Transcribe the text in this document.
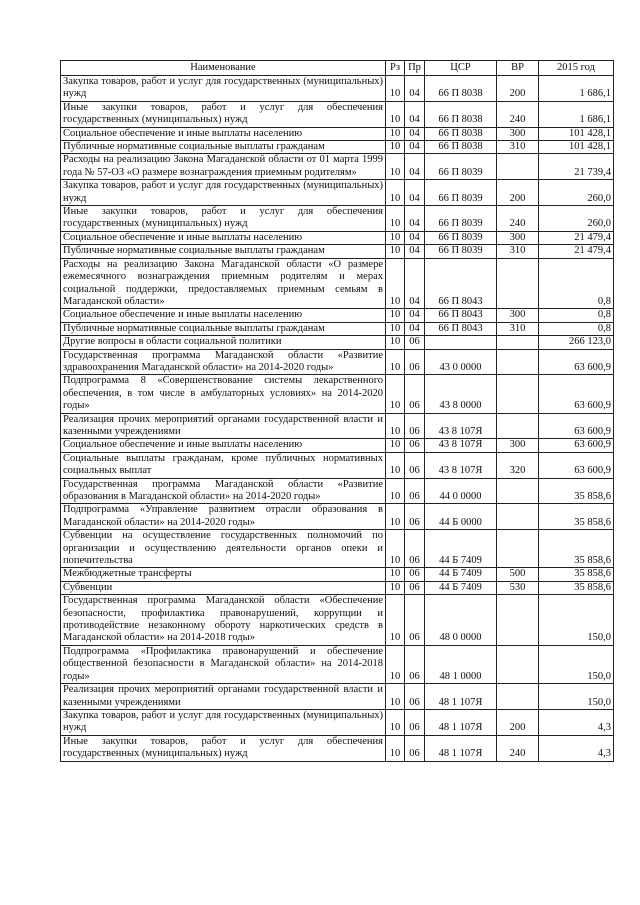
Наименование	Рз	Пр	ЦСР	ВР	2015 год
Закупка товаров, работ и услуг для государственных (муниципальных) нужд	10	04	66 П 8038	200	1 686,1
Иные закупки товаров, работ и услуг для обеспечения государственных (муниципальных) нужд	10	04	66 П 8038	240	1 686,1
Социальное обеспечение и иные выплаты населению	10	04	66 П 8038	300	101 428,1
Публичные нормативные социальные выплаты гражданам	10	04	66 П 8038	310	101 428,1
Расходы на реализацию Закона Магаданской области от 01 марта 1999 года № 57-ОЗ «О размере вознаграждения приемным родителям»	10	04	66 П 8039		21 739,4
Закупка товаров, работ и услуг для государственных (муниципальных) нужд	10	04	66 П 8039	200	260,0
Иные закупки товаров, работ и услуг для обеспечения государственных (муниципальных) нужд	10	04	66 П 8039	240	260,0
Социальное обеспечение и иные выплаты населению	10	04	66 П 8039	300	21 479,4
Публичные нормативные социальные выплаты гражданам	10	04	66 П 8039	310	21 479,4
Расходы на реализацию Закона Магаданской области «О размере ежемесячного вознаграждения приемным родителям и мерах социальной поддержки, предоставляемых приемным семьям в Магаданской области»	10	04	66 П 8043		0,8
Социальное обеспечение и иные выплаты населению	10	04	66 П 8043	300	0,8
Публичные нормативные социальные выплаты гражданам	10	04	66 П 8043	310	0,8
Другие вопросы в области социальной политики	10	06			266 123,0
Государственная программа Магаданской области «Развитие здравоохранения Магаданской области» на 2014-2020 годы»	10	06	43 0 0000		63 600,9
Подпрограмма 8 «Совершенствование системы лекарственного обеспечения, в том числе в амбулаторных условиях» на 2014-2020 годы»	10	06	43 8 0000		63 600,9
Реализация прочих мероприятий органами государственной власти и казенными учреждениями	10	06	43 8 107Я		63 600,9
Социальное обеспечение и иные выплаты населению	10	06	43 8 107Я	300	63 600,9
Социальные выплаты гражданам, кроме публичных нормативных социальных выплат	10	06	43 8 107Я	320	63 600,9
Государственная программа Магаданской области «Развитие образования в Магаданской области» на 2014-2020 годы»	10	06	44 0 0000		35 858,6
Подпрограмма «Управление развитием отрасли образования в Магаданской области» на 2014-2020 годы»	10	06	44 Б 0000		35 858,6
Субвенции на осуществление государственных полномочий по организации и осуществлению деятельности органов опеки и попечительства	10	06	44 Б 7409		35 858,6
Межбюджетные трансферты	10	06	44 Б 7409	500	35 858,6
Субвенции	10	06	44 Б 7409	530	35 858,6
Государственная программа Магаданской области «Обеспечение безопасности, профилактика правонарушений, коррупции и противодействие незаконному обороту наркотических средств в Магаданской области» на 2014-2018 годы»	10	06	48 0 0000		150,0
Подпрограмма «Профилактика правонарушений и обеспечение общественной безопасности в Магаданской области» на 2014-2018 годы»	10	06	48 1 0000		150,0
Реализация прочих мероприятий органами государственной власти и казенными учреждениями	10	06	48 1 107Я		150,0
Закупка товаров, работ и услуг для государственных (муниципальных) нужд	10	06	48 1 107Я	200	4,3
Иные закупки товаров, работ и услуг для обеспечения государственных (муниципальных) нужд	10	06	48 1 107Я	240	4,3
